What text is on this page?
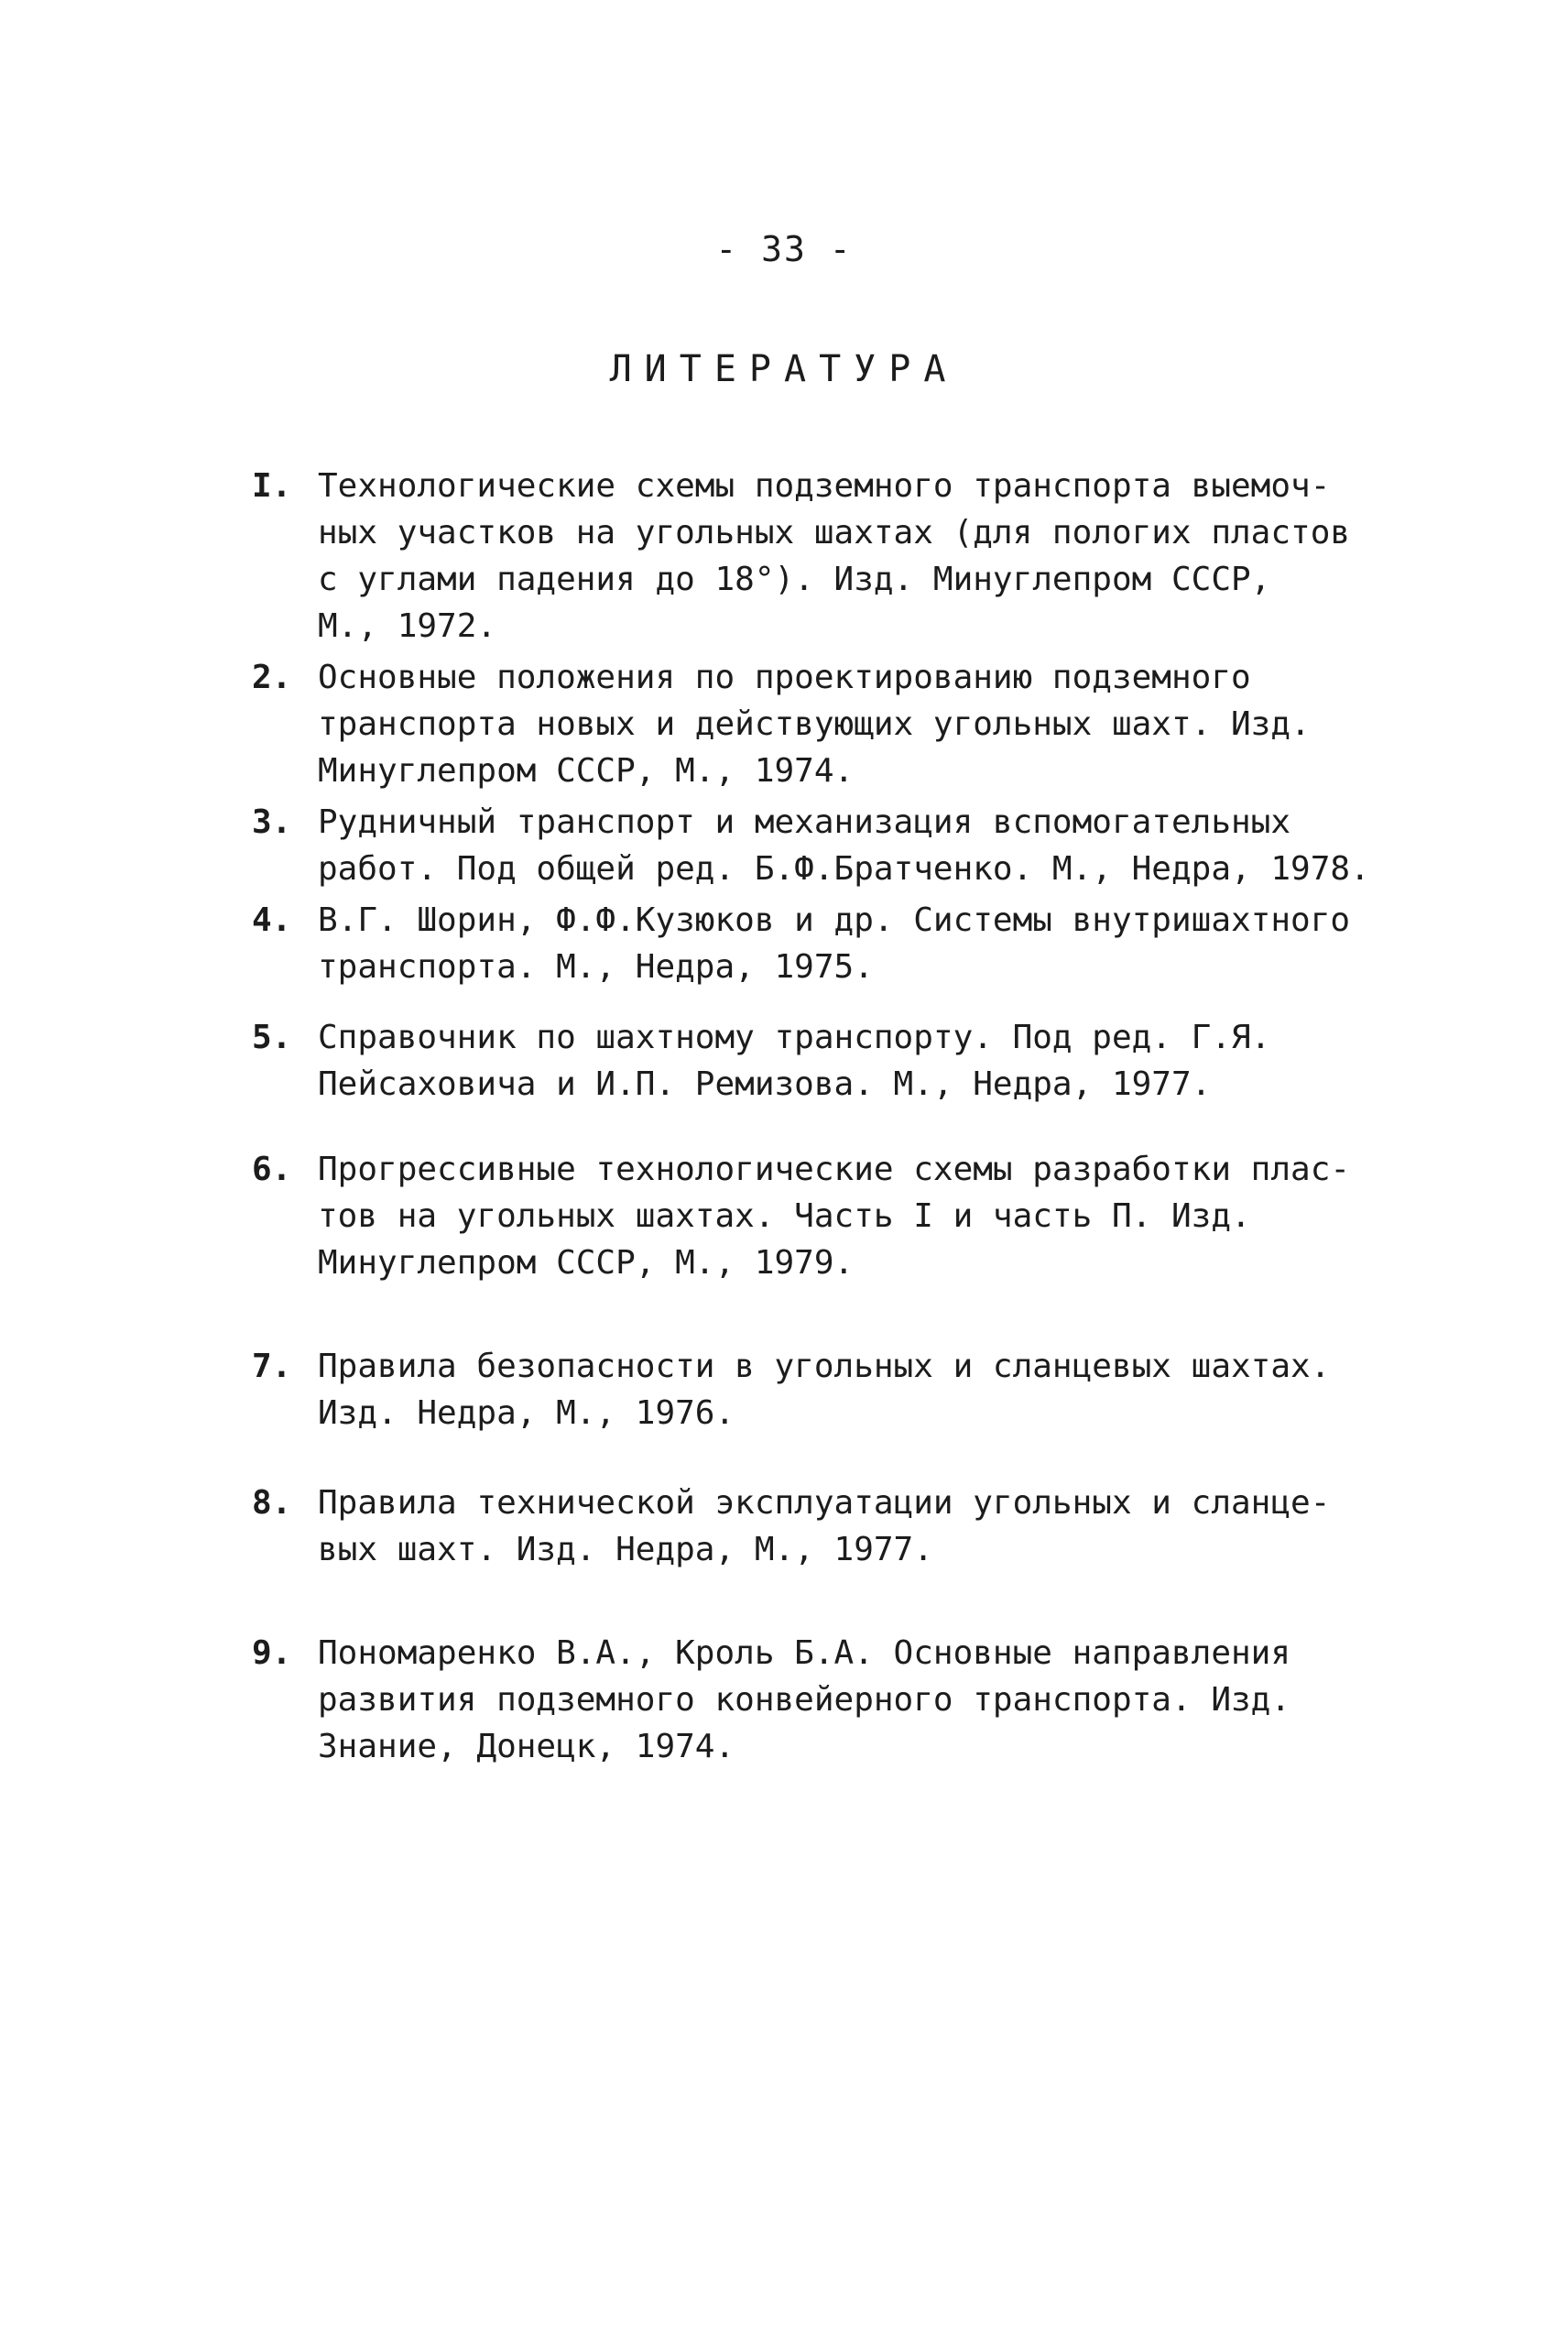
- 33 -
ЛИТЕРАТУРА
I. Технологические схемы подземного транспорта выемоч-
ных участков на угольных шахтах (для пологих пластов
с углами падения до 18°). Изд. Минуглепром СССР,
М., 1972.
2. Основные положения по проектированию подземного
транспорта новых и действующих угольных шахт. Изд.
Минуглепром СССР, М., 1974.
3. Рудничный транспорт и механизация вспомогательных
работ. Под общей ред. Б.Ф.Братченко. М., Недра, 1978.
4. В.Г. Шорин, Ф.Ф.Кузюков и др. Системы внутришахтного
транспорта. М., Недра, 1975.
5. Справочник по шахтному транспорту. Под ред. Г.Я.
Пейсаховича и И.П. Ремизова. М., Недра, 1977.
6. Прогрессивные технологические схемы разработки плас-
тов на угольных шахтах. Часть I и часть П. Изд.
Минуглепром СССР, М., 1979.
7. Правила безопасности в угольных и сланцевых шахтах.
Изд. Недра, М., 1976.
8. Правила технической эксплуатации угольных и сланце-
вых шахт. Изд. Недра, М., 1977.
9. Пономаренко В.А., Кроль Б.А. Основные направления
развития подземного конвейерного транспорта. Изд.
Знание, Донецк, 1974.
